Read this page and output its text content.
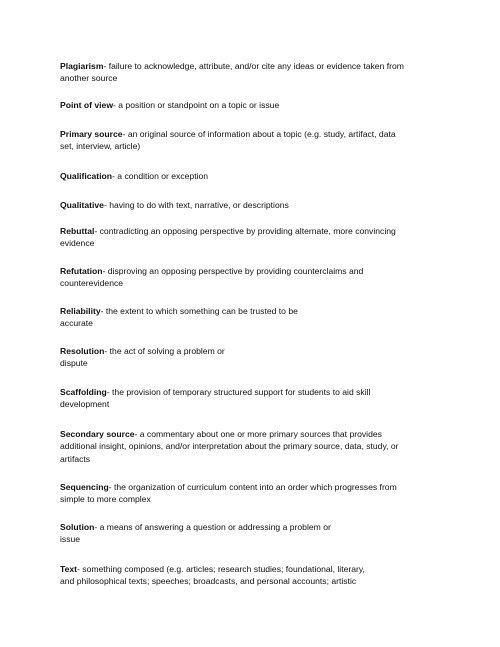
Plagiarism- failure to acknowledge, attribute, and/or cite any ideas or evidence taken from
another source

Point of view- a position or standpoint on a topic or issue

Primary source- an original source of information about a topic (e.g. study, artifact, data
set, interview, article)

Qualification- a condition or exception

Qualitative- having to do with text, narrative, or descriptions

Rebuttal- contradicting an opposing perspective by providing alternate, more convincing
evidence

Refutation- disproving an opposing perspective by providing counterclaims and
counterevidence

Reliability- the extent to which something can be trusted to be
accurate

Resolution- the act of solving a problem or
dispute

Scaffolding- the provision of temporary structured support for students to aid skill
development

Secondary source- a commentary about one or more primary sources that provides
additional insight, opinions, and/or interpretation about the primary source, data, study, or
artifacts

Sequencing- the organization of curriculum content into an order which progresses from
simple to more complex

Solution- a means of answering a question or addressing a problem or
issue

Text- something composed (e.g. articles; research studies; foundational, literary,
and philosophical texts; speeches; broadcasts, and personal accounts; artistic
